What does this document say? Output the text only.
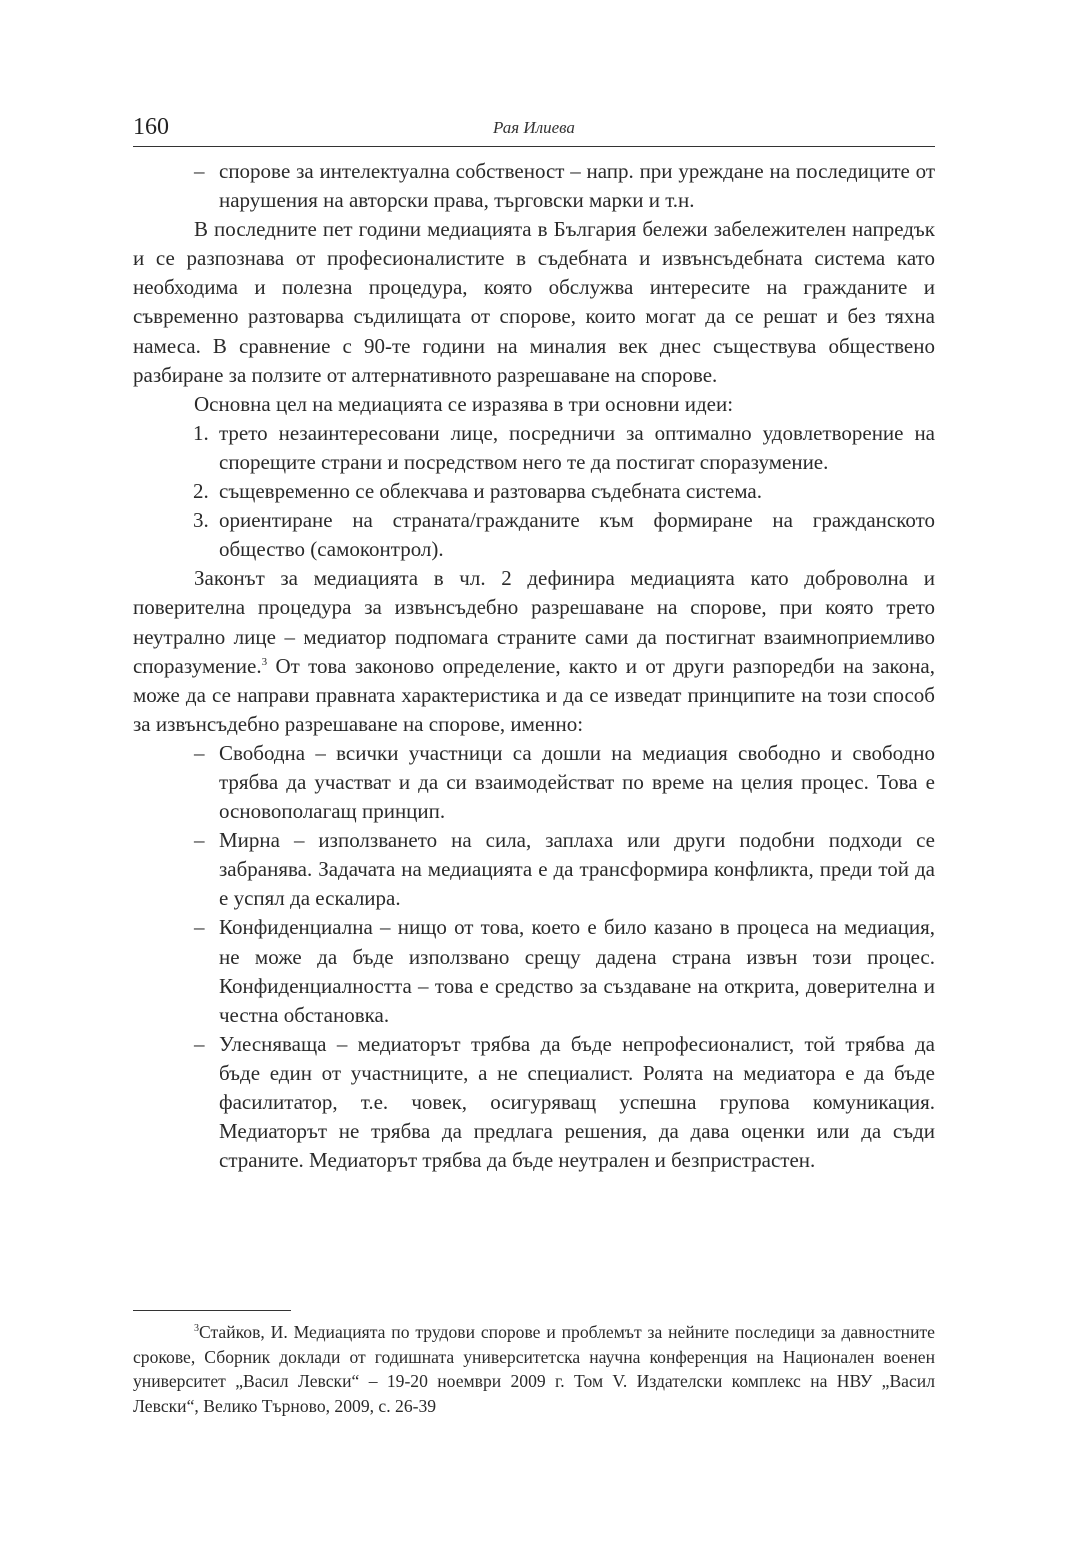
160	Рая Илиева

– споровe за интелектуална собственост – напр. при уреждане на последиците от нарушения на авторски права, търговски марки и т.н.

В последните пет години медиацията в България бележи забележителен напредък и се разпознава от професионалистите в съдебната и извънсъдебната система като необходима и полезна процедура, която обслужва интересите на гражданите и съвременно разтоварва съдилищата от спорове, които могат да се решат и без тяхна намеса. В сравнение с 90-те години на миналия век днес съществува обществено разбиране за ползите от алтернативното разрешаване на спорове.

Основна цел на медиацията се изразява в три основни идеи:

1. трето незаинтересовани лице, посредничи за оптимално удовлетворение на спорещите страни и посредством него те да постигат споразумение.

2. същевременно се облекчава и разтоварва съдебната система.

3. ориентиране на страната/гражданите към формиране на гражданското общество (самоконтрол).

Законът за медиацията в чл. 2 дефинира медиацията като доброволна и поверителна процедура за извънсъдебно разрешаване на спорове, при която трето неутрално лице – медиатор подпомага страните сами да постигнат взаимноприемливо споразумение.$^3$ От това законово определение, както и от други разпоредби на закона, може да се направи правната характеристика и да се изведат принципите на този способ за извънсъдебно разрешаване на спорове, именно:

– Свободна – всички участници са дошли на медиация свободно и свободно трябва да участват и да си взаимодействат по време на целия процес. Това е основополагащ принцип.

– Мирна – използването на сила, заплаха или други подобни подходи се забранява. Задачата на медиацията е да трансформира конфликта, преди той да е успял да ескалира.

– Конфиденциална – нищо от това, което е било казано в процеса на медиация, не може да бъде използвано срещу дадена страна извън този процес. Конфиденциалността – това е средство за създаване на открита, доверителна и честна обстановка.

– Улесняваща – медиаторът трябва да бъде непрофесионалист, той трябва да бъде един от участниците, а не специалист. Ролята на медиатора е да бъде фасилитатор, т.е. човек, осигуряващ успешна групова комуникация. Медиаторът не трябва да предлага решения, да дава оценки или да съди страните. Медиаторът трябва да бъде неутрален и безпристрастен.

$^3$Стайков, И. Медиацията по трудови спорове и проблемът за нейните последици за давностните срокове, Сборник доклади от годишната университетска научна конференция на Национален военен университет „Васил Левски“ – 19-20 ноември 2009 г. Том V. Издателски комплекс на НВУ „Васил Левски“, Велико Търново, 2009, с. 26-39
